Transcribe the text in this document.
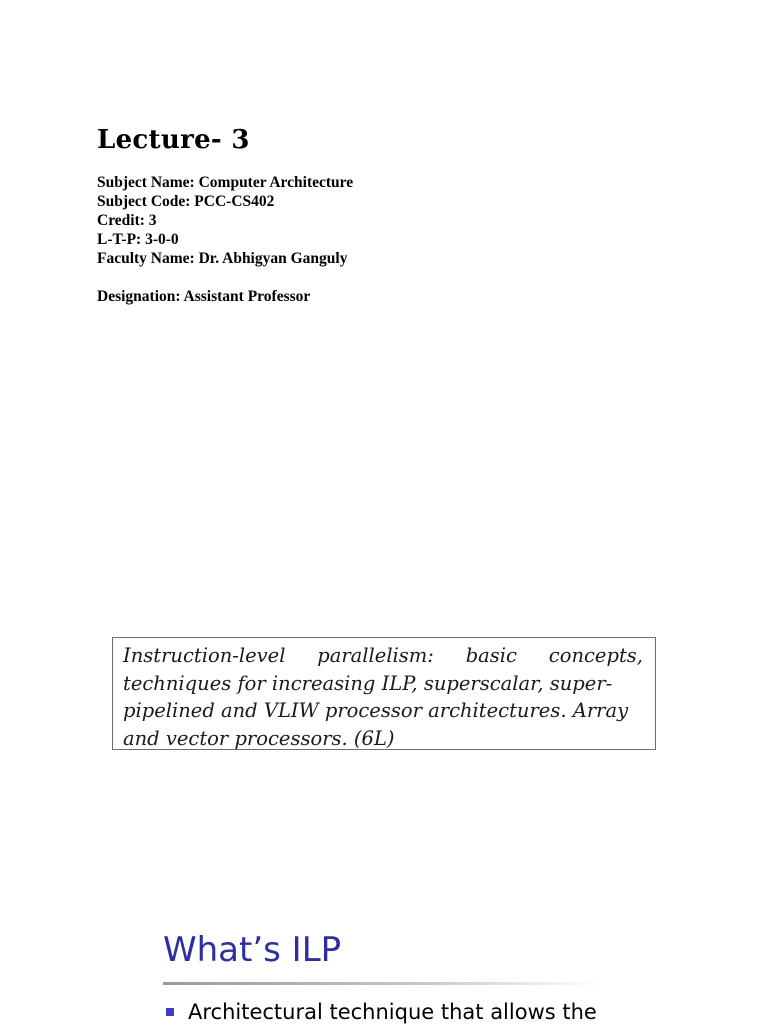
Lecture- 3
Subject Name: Computer Architecture
Subject Code: PCC-CS402
Credit: 3
L-T-P: 3-0-0
Faculty Name: Dr. Abhigyan Ganguly
Designation: Assistant Professor
Instruction-level parallelism: basic concepts,
techniques for increasing ILP, superscalar, super-
pipelined and VLIW processor architectures. Array
and vector processors. (6L)
What’s ILP
Architectural technique that allows the
